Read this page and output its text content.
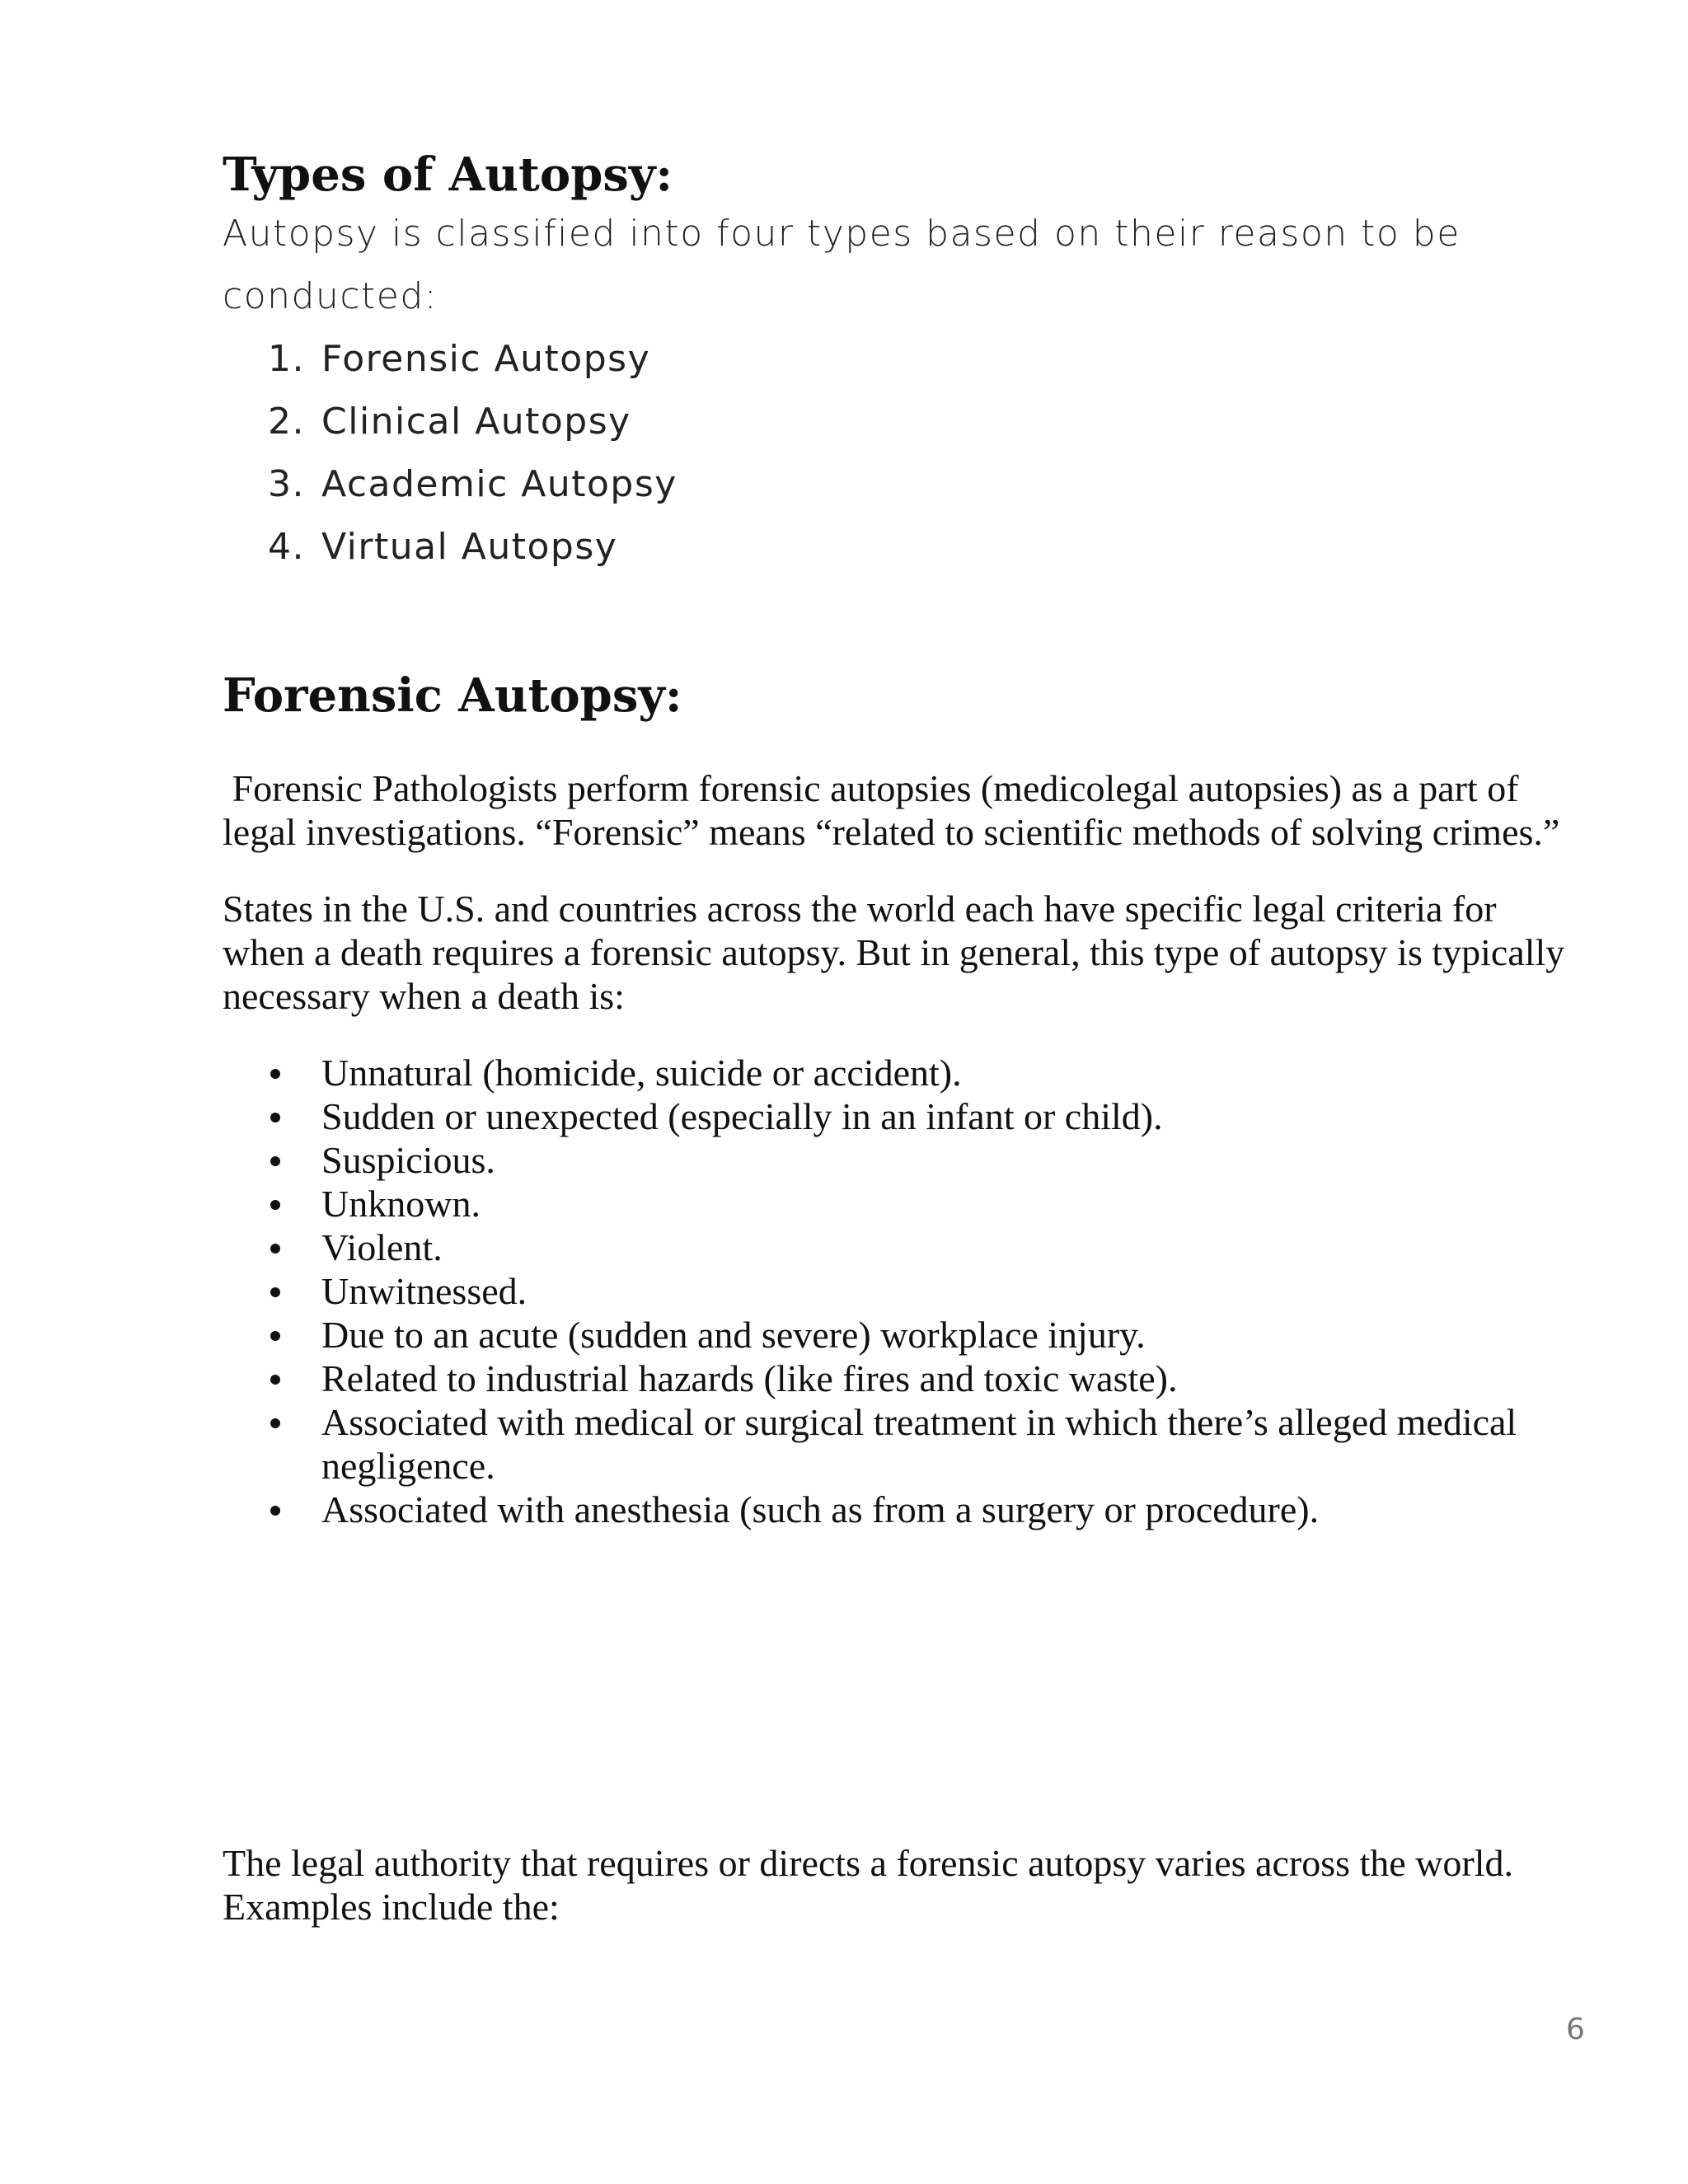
Types of Autopsy:

Autopsy is classified into four types based on their reason to be

conducted:

1. Forensic Autopsy
2. Clinical Autopsy
3. Academic Autopsy
4. Virtual Autopsy
Forensic Autopsy:

Forensic Pathologists perform forensic autopsies (medicolegal autopsies) as a part of legal investigations. “Forensic” means “related to scientific methods of solving crimes.”

States in the U.S. and countries across the world each have specific legal criteria for when a death requires a forensic autopsy. But in general, this type of autopsy is typically necessary when a death is:

Unnatural (homicide, suicide or accident).
Sudden or unexpected (especially in an infant or child).
Suspicious.
Unknown.
Violent.
Unwitnessed.
Due to an acute (sudden and severe) workplace injury.
Related to industrial hazards (like fires and toxic waste).
Associated with medical or surgical treatment in which there’s alleged medical negligence.
Associated with anesthesia (such as from a surgery or procedure).

The legal authority that requires or directs a forensic autopsy varies across the world. Examples include the:

6
